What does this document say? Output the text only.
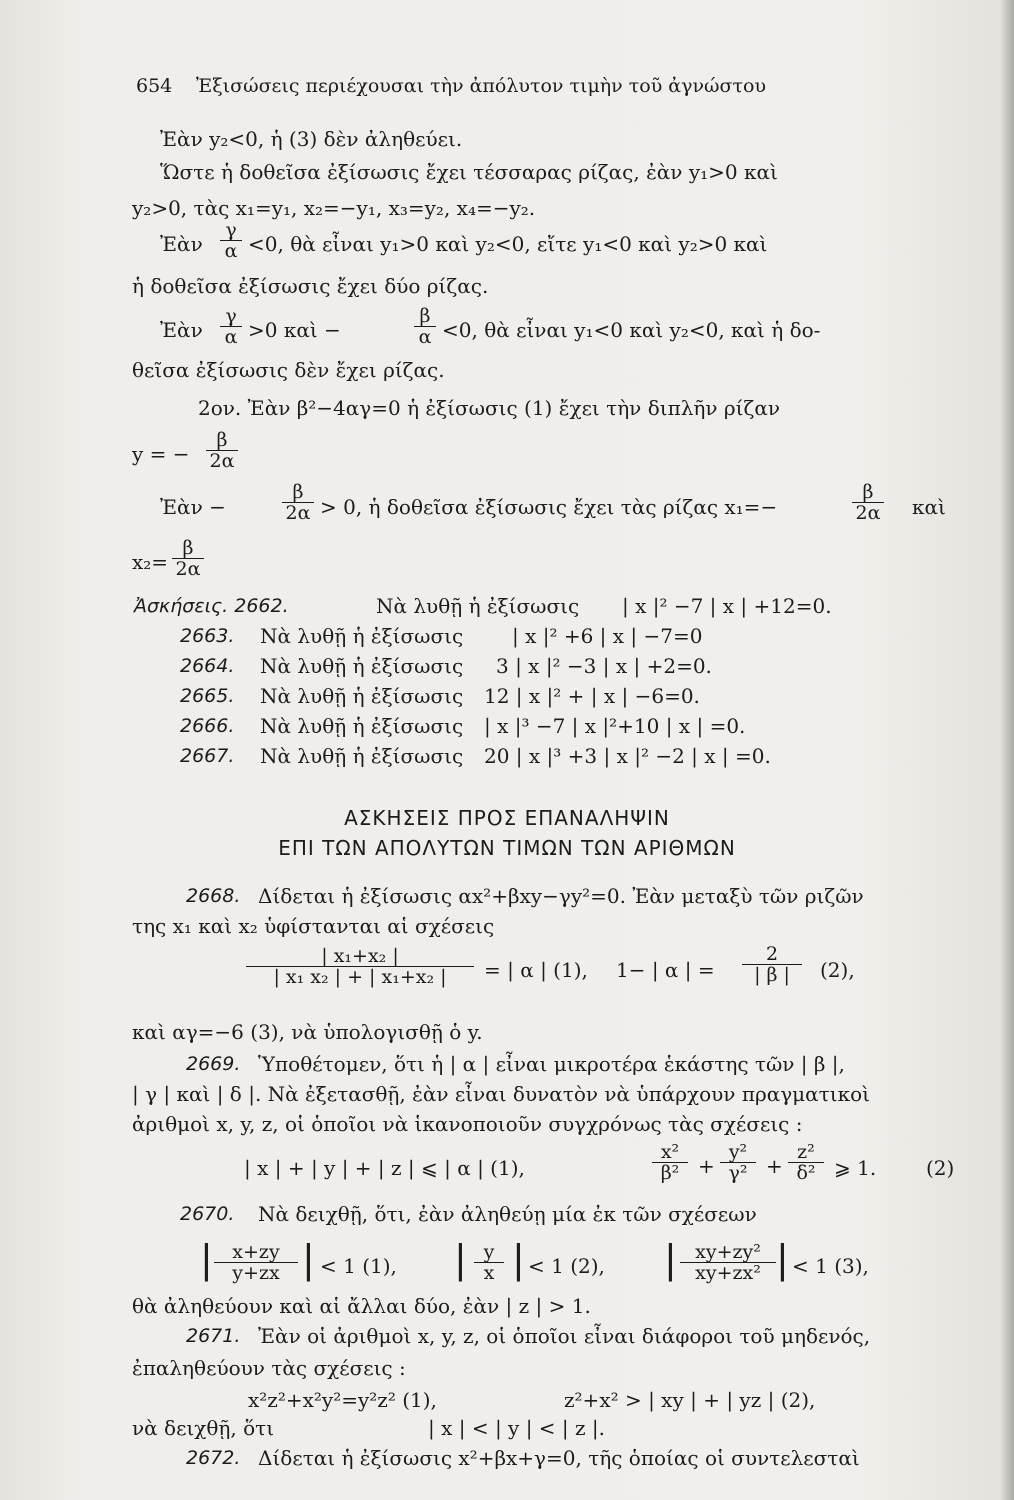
654 Ἐξισώσεις περιέχουσαι τὴν ἀπόλυτον τιμὴν τοῦ ἀγνώστου
Ἐὰν y₂<0, ἡ (3) δὲν ἀληθεύει.
Ὥστε ἡ δοθεῖσα ἐξίσωσις ἔχει τέσσαρας ρίζας, ἐὰν y₁>0 καὶ
y₂>0, τὰς x₁=y₁, x₂=−y₁, x₃=y₂, x₄=−y₂.
Ἐὰν $\frac{\gamma}{\alpha} <0$, θὰ εἶναι y₁>0 καὶ y₂<0, εἴτε y₁<0 καὶ y₂>0 καὶ
ἡ δοθεῖσα ἐξίσωσις ἔχει δύο ρίζας.
Ἐὰν $\frac{\gamma}{\alpha} >0$ καὶ −	$\frac{\beta}{\alpha} <0$, θὰ εἶναι y₁<0 καὶ y₂<0, καὶ ἡ δο-
θεῖσα ἐξίσωσις δὲν ἔχει ρίζας.
2ον. Ἐὰν β²−4αγ=0 ἡ ἐξίσωσις (1) ἔχει τὴν διπλῆν ρίζαν
y = − $\frac{\beta}{2\alpha}$
Ἐὰν −	$\frac{\beta}{2\alpha} > 0$, ἡ δοθεῖσα ἐξίσωσις ἔχει τὰς ρίζας x₁=−	$\frac{\beta}{2\alpha}$ καὶ
$x_2= \frac{\beta}{2\alpha}$
Ἀσκήσεις. 2662.	Νὰ λυθῇ ἡ ἐξίσωσις | x |² −7 | x | +12=0.
2663. Νὰ λυθῇ ἡ ἐξίσωσις | x |² +6 | x | −7=0
2664. Νὰ λυθῇ ἡ ἐξίσωσις 3 | x |² −3 | x | +2=0.
2665. Νὰ λυθῇ ἡ ἐξίσωσις 12 | x |² + | x | −6=0.
2666. Νὰ λυθῇ ἡ ἐξίσωσις | x |³ −7 | x |²+10 | x | =0.
2667. Νὰ λυθῇ ἡ ἐξίσωσις 20 | x |³ +3 | x |² −2 | x | =0.
ΑΣΚΗΣΕΙΣ ΠΡΟΣ ΕΠΑΝΑΛΗΨΙΝ
ΕΠΙ ΤΩΝ ΑΠΟΛΥΤΩΝ ΤΙΜΩΝ ΤΩΝ ΑΡΙΘΜΩΝ
2668. Δίδεται ἡ ἐξίσωσις αx²+βxy−γy²=0. Ἐὰν μεταξὺ τῶν ριζῶν
της x₁ καὶ x₂ ὑφίστανται αἱ σχέσεις
$\frac{\text{| x₁+x₂ |}}{\text{| x₁ x₂ | + | x₁+x₂ |}}$ = | α | (1), 1− | α | = $\frac{2}{| \beta |} (2)$,
καὶ αγ=−6 (3), νὰ ὑπολογισθῇ ὁ y.
2669. Ὑποθέτομεν, ὅτι ἡ | α | εἶναι μικροτέρα ἑκάστης τῶν | β |,
| γ | καὶ | δ |. Νὰ ἐξετασθῇ, ἐὰν εἶναι δυνατὸν νὰ ὑπάρχουν πραγματικοὶ
ἀριθμοὶ x, y, z, οἱ ὁποῖοι νὰ ἱκανοποιοῦν συγχρόνως τὰς σχέσεις :
| x | + | y | + | z | ⩽ | α | (1),	$\frac{\text{x²}}{\text{β²}} + \frac{\text{y²}}{\text{γ²}} + \frac{\text{z²}}{\text{δ²}}$ ⩾ 1. (2)
2670. Νὰ δειχθῇ, ὅτι, ἐὰν ἀληθεύῃ μία ἐκ τῶν σχέσεων
| $\frac{x+zy}{y+zx}$ | < 1 (1), | $\frac{y}{x}$ | < 1 (2), | $\frac{\text{xy+zy²}}{\text{xy+zx²}}$ | < 1 (3),
θὰ ἀληθεύουν καὶ αἱ ἄλλαι δύο, ἐὰν | z | > 1.
2671. Ἐὰν οἱ ἀριθμοὶ x, y, z, οἱ ὁποῖοι εἶναι διάφοροι τοῦ μηδενός,
ἐπαληθεύουν τὰς σχέσεις :
x²z²+x²y²=y²z² (1),	z²+x² > | xy | + | yz | (2),
νὰ δειχθῇ, ὅτι	| x | < | y | < | z |.
2672. Δίδεται ἡ ἐξίσωσις x²+βx+γ=0, τῆς ὁποίας οἱ συντελεσταὶ
